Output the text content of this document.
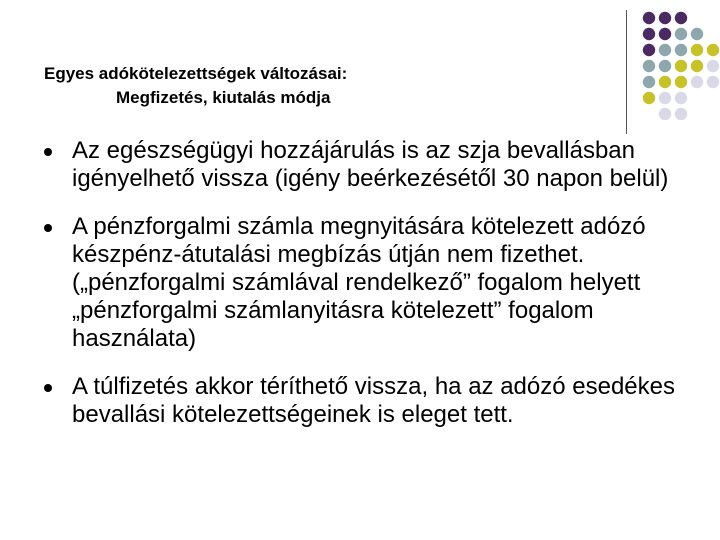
Egyes adókötelezettségek változásai:
Megfizetés, kiutalás módja
Az egészségügyi hozzájárulás is az szja bevallásban igényelhető vissza (igény beérkezésétől 30 napon belül)
A pénzforgalmi számla megnyitására kötelezett adózó készpénz-átutalási megbízás útján nem fizethet. („pénzforgalmi számlával rendelkező” fogalom helyett „pénzforgalmi számlanyitásra kötelezett” fogalom használata)
A túlfizetés akkor téríthető vissza, ha az adózó esedékes bevallási kötelezettségeinek is eleget tett.
